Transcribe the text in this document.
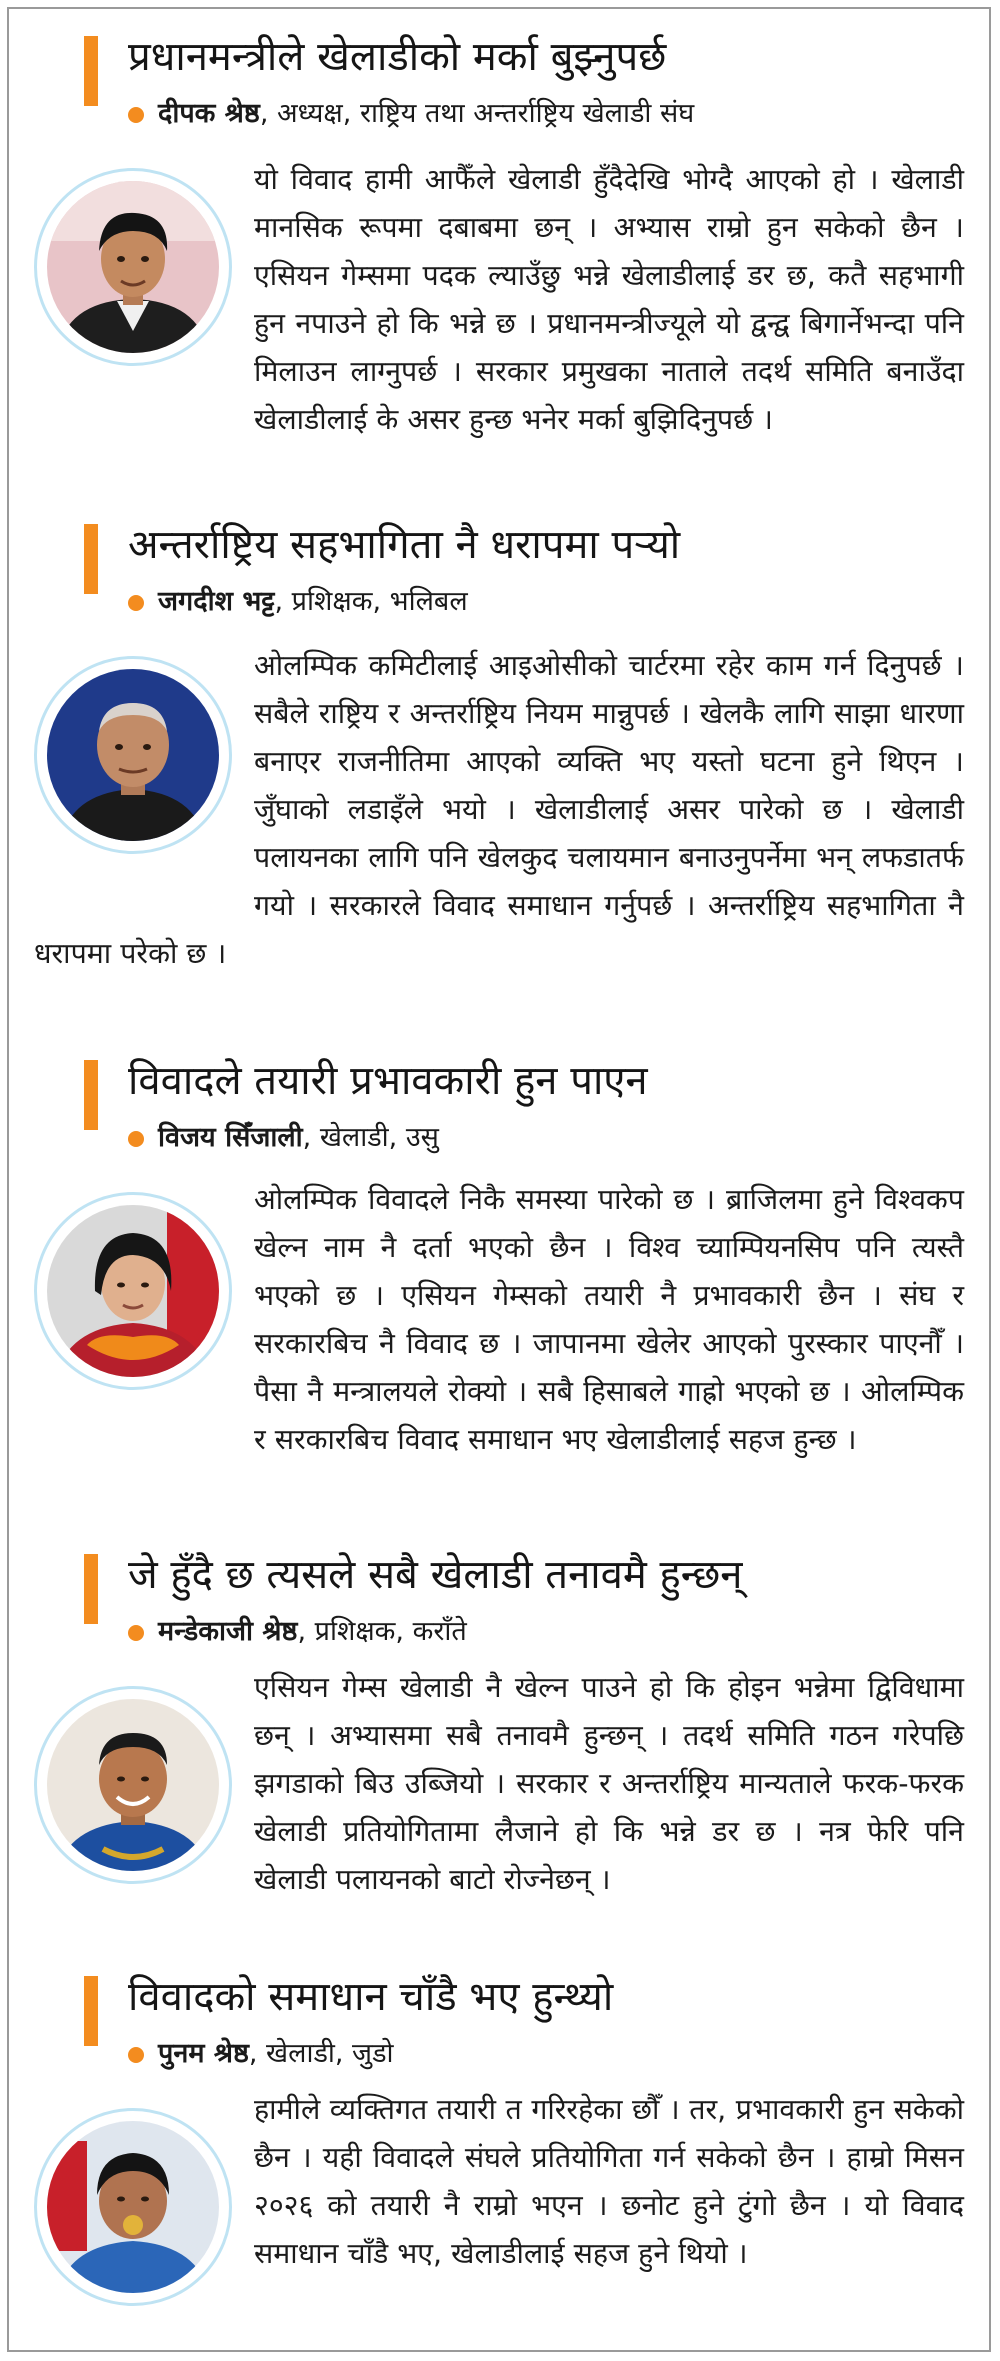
प्रधानमन्त्रीले खेलाडीको मर्का बुझ्नुपर्छ
दीपक श्रेष्ठ, अध्यक्ष, राष्ट्रिय तथा अन्तर्राष्ट्रिय खेलाडी संघ
यो विवाद हामी आफैँले खेलाडी हुँदैदेखि भोग्दै आएको हो । खेलाडी मानसिक रूपमा दबाबमा छन् । अभ्यास राम्रो हुन सकेको छैन । एसियन गेम्समा पदक ल्याउँछु भन्ने खेलाडीलाई डर छ, कतै सहभागी हुन नपाउने हो कि भन्ने छ । प्रधानमन्त्रीज्यूले यो द्वन्द्व बिगार्नेभन्दा पनि मिलाउन लाग्नुपर्छ । सरकार प्रमुखका नाताले तदर्थ समिति बनाउँदा खेलाडीलाई के असर हुन्छ भनेर मर्का बुझिदिनुपर्छ ।
अन्तर्राष्ट्रिय सहभागिता नै धरापमा पर्‍यो
जगदीश भट्ट, प्रशिक्षक, भलिबल
ओलम्पिक कमिटीलाई आइओसीको चार्टरमा रहेर काम गर्न दिनुपर्छ । सबैले राष्ट्रिय र अन्तर्राष्ट्रिय नियम मान्नुपर्छ । खेलकै लागि साझा धारणा बनाएर राजनीतिमा आएको व्यक्ति भए यस्तो घटना हुने थिएन । जुँघाको लडाइँले भयो । खेलाडीलाई असर पारेको छ । खेलाडी पलायनका लागि पनि खेलकुद चलायमान बनाउनुपर्नेमा भन् लफडातर्फ गयो । सरकारले विवाद समाधान गर्नुपर्छ । अन्तर्राष्ट्रिय सहभागिता नै धरापमा परेको छ ।
विवादले तयारी प्रभावकारी हुन पाएन
विजय सिँजाली, खेलाडी, उसु
ओलम्पिक विवादले निकै समस्या पारेको छ । ब्राजिलमा हुने विश्वकप खेल्न नाम नै दर्ता भएको छैन । विश्व च्याम्पियनसिप पनि त्यस्तै भएको छ । एसियन गेम्सको तयारी नै प्रभावकारी छैन । संघ र सरकारबिच नै विवाद छ । जापानमा खेलेर आएको पुरस्कार पाएनौँ । पैसा नै मन्त्रालयले रोक्यो । सबै हिसाबले गाह्रो भएको छ । ओलम्पिक र सरकारबिच विवाद समाधान भए खेलाडीलाई सहज हुन्छ ।
जे हुँदै छ त्यसले सबै खेलाडी तनावमै हुन्छन्
मन्डेकाजी श्रेष्ठ, प्रशिक्षक, कराँते
एसियन गेम्स खेलाडी नै खेल्न पाउने हो कि होइन भन्नेमा द्विविधामा छन् । अभ्यासमा सबै तनावमै हुन्छन् । तदर्थ समिति गठन गरेपछि झगडाको बिउ उब्जियो । सरकार र अन्तर्राष्ट्रिय मान्यताले फरक-फरक खेलाडी प्रतियोगितामा लैजाने हो कि भन्ने डर छ । नत्र फेरि पनि खेलाडी पलायनको बाटो रोज्नेछन् ।
विवादको समाधान चाँडै भए हुन्थ्यो
पुनम श्रेष्ठ, खेलाडी, जुडो
हामीले व्यक्तिगत तयारी त गरिरहेका छौँ । तर, प्रभावकारी हुन सकेको छैन । यही विवादले संघले प्रतियोगिता गर्न सकेको छैन । हाम्रो मिसन २०२६ को तयारी नै राम्रो भएन । छनोट हुने टुंगो छैन । यो विवाद समाधान चाँडै भए, खेलाडीलाई सहज हुने थियो ।
